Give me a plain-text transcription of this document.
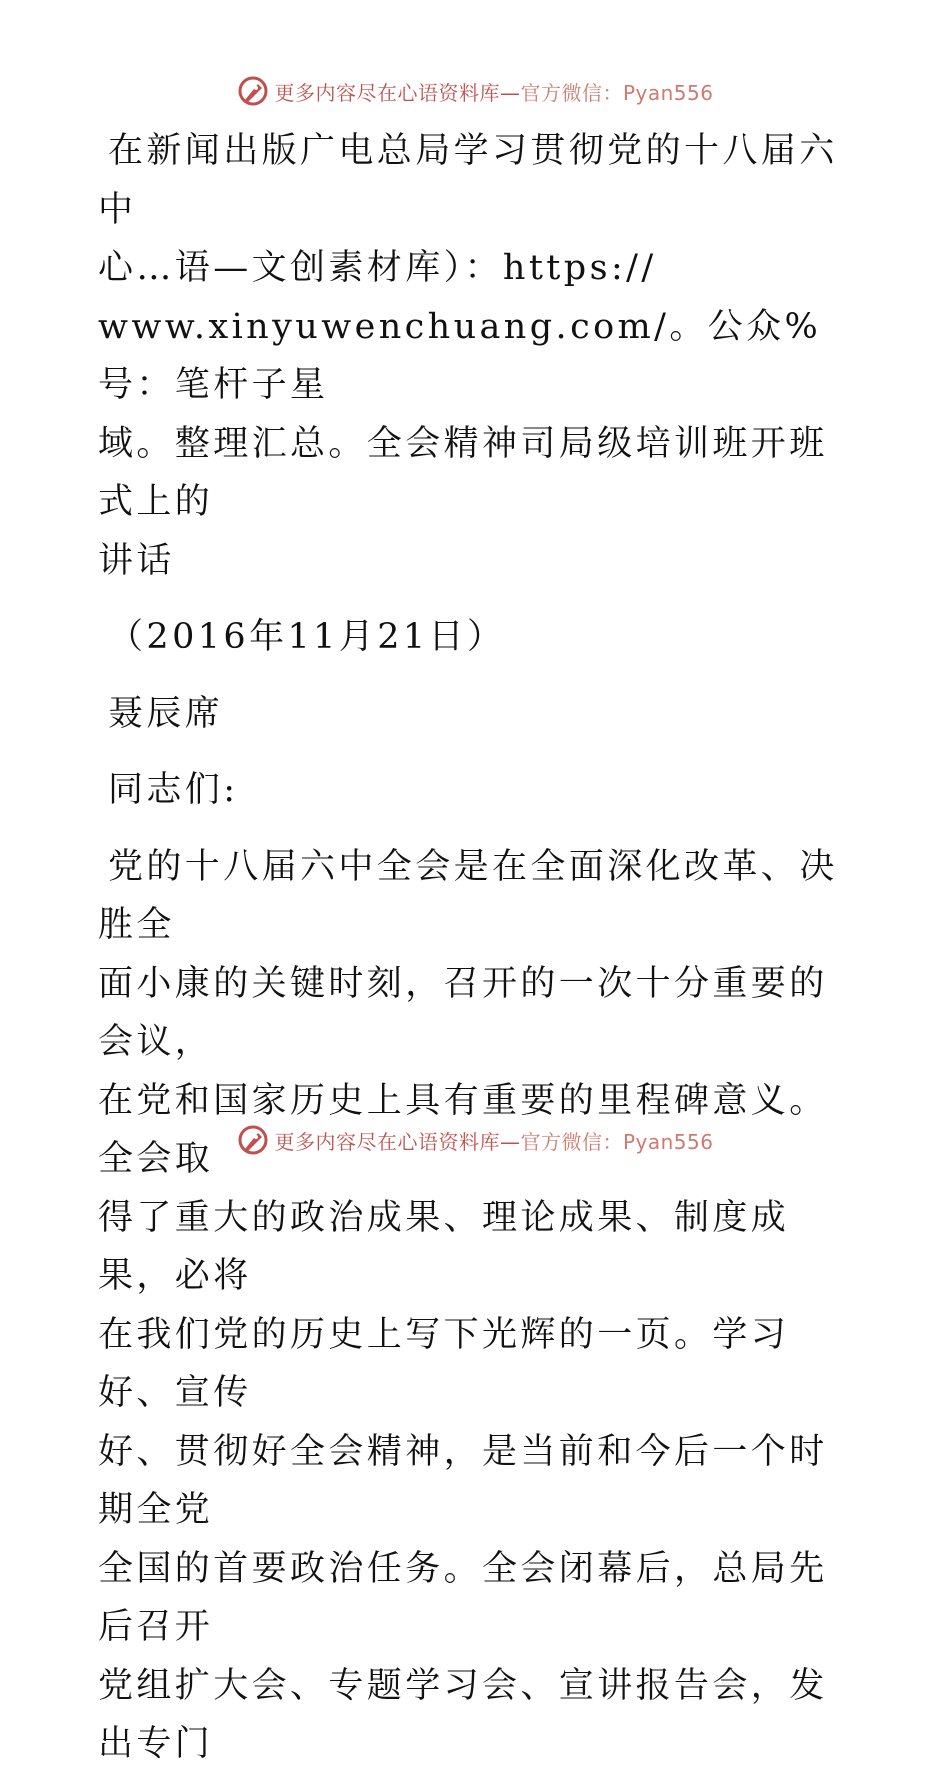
更多内容尽在心语资料库— 官方微信：Pyan556

在新闻出版广电总局学习贯彻党的十八届六中
心…语—文创素材库）：https://
www.xinyuwenchuang.com/。公众%号：笔杆子星
域。整理汇总。全会精神司局级培训班开班式上的
讲话

（2016年11月21日）

聂辰席

同志们:

党的十八届六中全会是在全面深化改革、决胜全
面小康的关键时刻，召开的一次十分重要的会议，
在党和国家历史上具有重要的里程碑意义。全会取
得了重大的政治成果、理论成果、制度成果，必将
在我们党的历史上写下光辉的一页。学习好、宣传
好、贯彻好全会精神，是当前和今后一个时期全党
全国的首要政治任务。全会闭幕后，总局先后召开
党组扩大会、专题学习会、宣讲报告会，发出专门

更多内容尽在心语资料库— 官方微信：Pyan556
